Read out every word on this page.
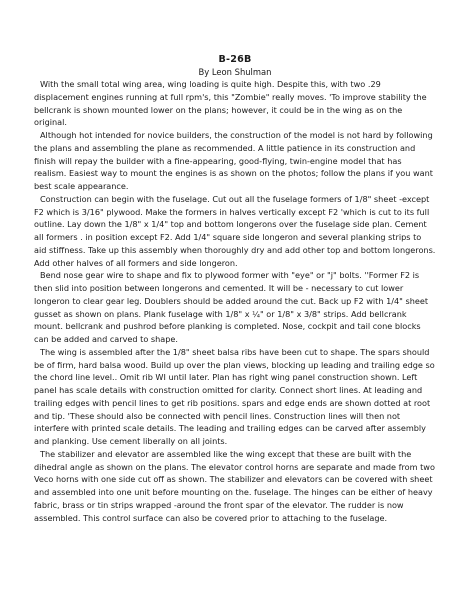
B-26B
By Leon Shulman

With the small total wing area, wing loading is quite high. Despite this, with two .29 displacement engines running at full rpm's, this "Zombie" really moves. 'To improve stability the bellcrank is shown mounted lower on the plans; however, it could be in the wing as on the original.

Although hot intended for novice builders, the construction of the model is not hard by following the plans and assembling the plane as recommended. A little patience in its construction and finish will repay the builder with a fine-appearing, good-flying, twin-engine model that has realism. Easiest way to mount the engines is as shown on the photos; follow the plans if you want best scale appearance.

Construction can begin with the fuselage. Cut out all the fuselage formers of 1/8" sheet -except F2 which is 3/16" plywood. Make the formers in halves vertically except F2 'which is cut to its full outline. Lay down the 1/8" x 1/4" top and bottom longerons over the fuselage side plan. Cement all formers . in position except F2. Add 1/4" square side longeron and several planking strips to aid stiffness. Take up this assembly when thoroughly dry and add other top and bottom longerons. Add other halves of all formers and side longeron.

Bend nose gear wire to shape and fix to plywood former with "eye" or "j" bolts. ''Former F2 is then slid into position between longerons and cemented. It will be - necessary to cut lower longeron to clear gear leg. Doublers should be added around the cut. Back up F2 with 1/4" sheet gusset as shown on plans. Plank fuselage with 1/8" x ¼" or 1/8" x 3/8" strips. Add bellcrank mount. bellcrank and pushrod before planking is completed. Nose, cockpit and tail cone blocks can be added and carved to shape.

The wing is assembled after the 1/8" sheet balsa ribs have been cut to shape. The spars should be of firm, hard balsa wood. Build up over the plan views, blocking up leading and trailing edge so the chord line level.. Omit rib WI until later. Plan has right wing panel construction shown. Left panel has scale details with construction omitted for clarity. Connect short lines. At leading and trailing edges with pencil lines to get rib positions. spars and edge ends are shown dotted at root and tip. 'These should also be connected with pencil lines. Construction lines will then not interfere with printed scale details. The leading and trailing edges can be carved after assembly and planking. Use cement liberally on all joints.

The stabilizer and elevator are assembled like the wing except that these are built with the dihedral angle as shown on the plans. The elevator control horns are separate and made from two Veco horns with one side cut off as shown. The stabilizer and elevators can be covered with sheet and assembled into one unit before mounting on the. fuselage. The hinges can be either of heavy fabric, brass or tin strips wrapped -around the front spar of the elevator. The rudder is now assembled. This control surface can also be covered prior to attaching to the fuselage.
